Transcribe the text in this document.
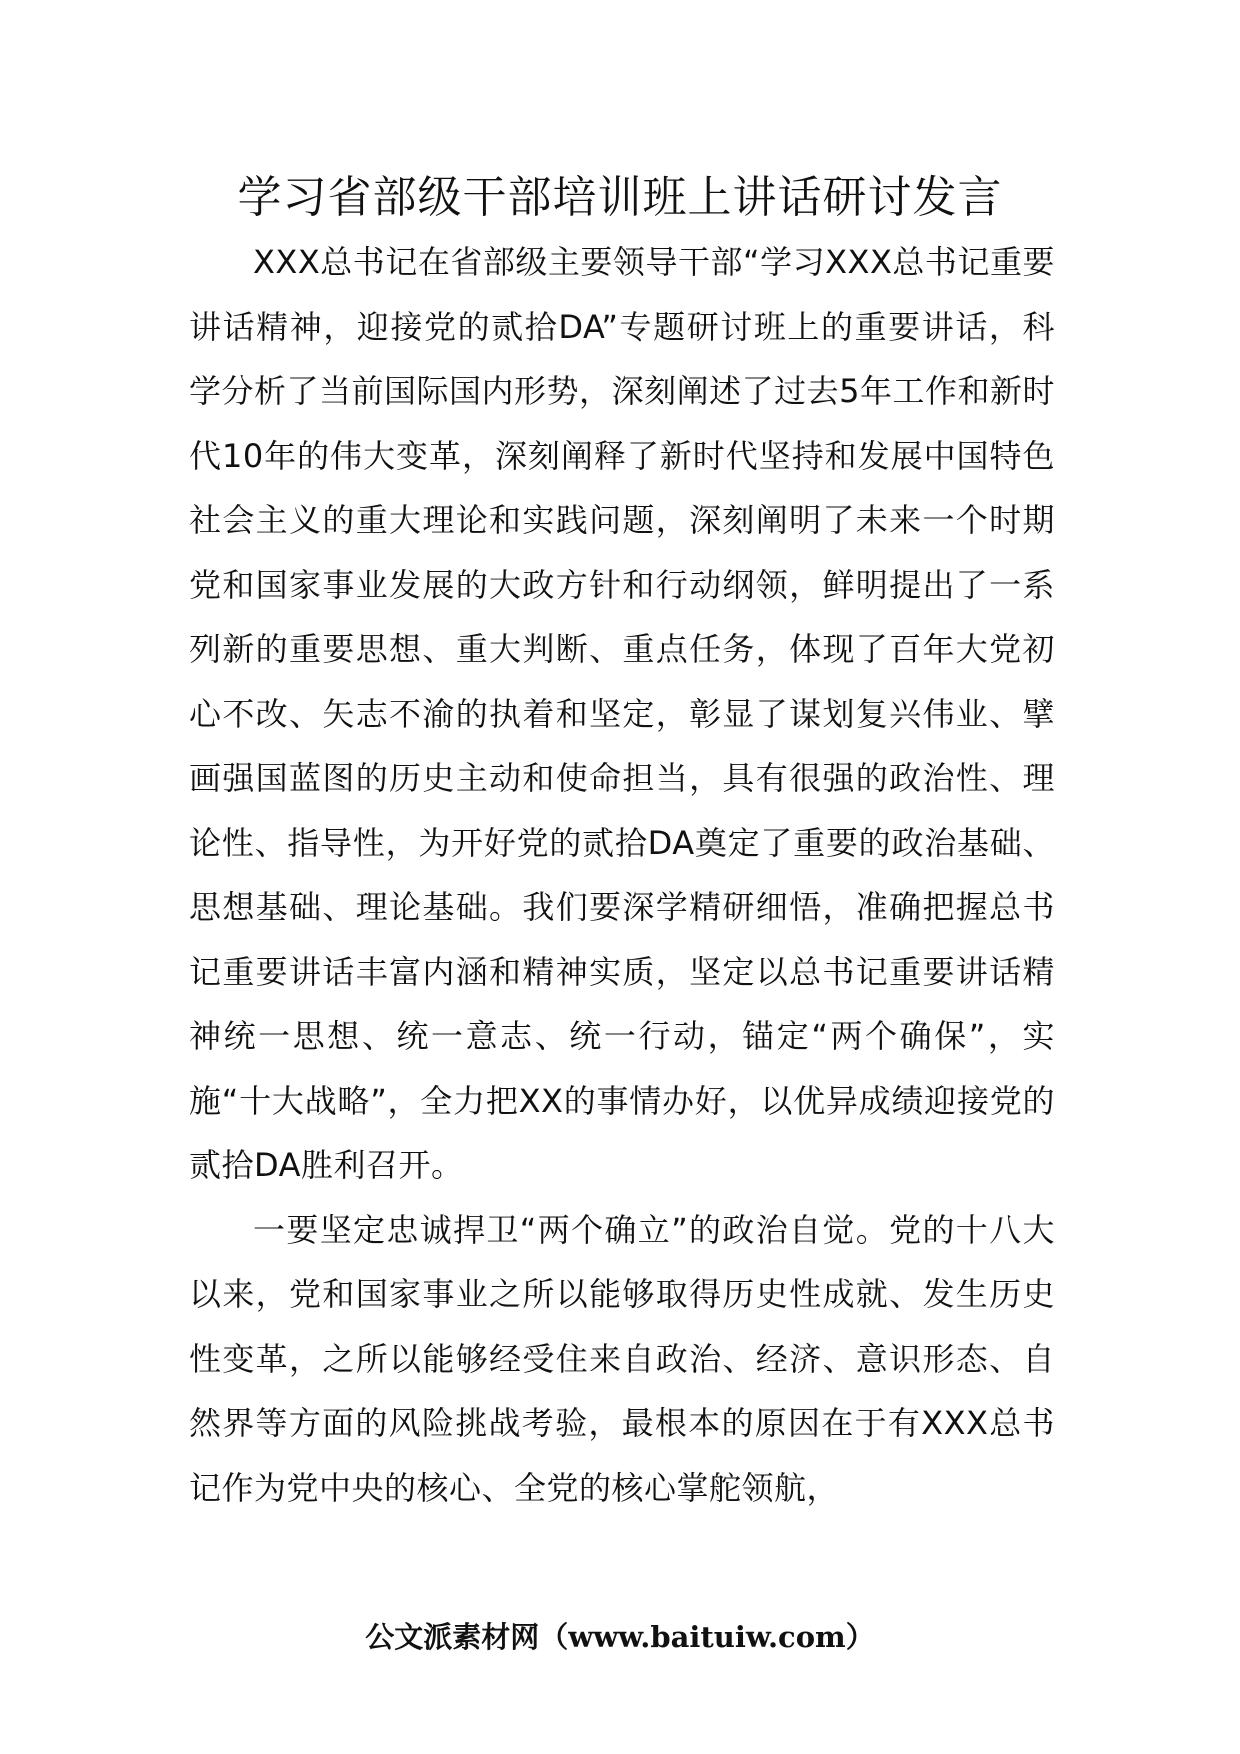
学习省部级干部培训班上讲话研讨发言

XXX总书记在省部级主要领导干部“学习XXX总书记重要讲话精神，迎接党的贰拾DA”专题研讨班上的重要讲话，科学分析了当前国际国内形势，深刻阐述了过去5年工作和新时代10年的伟大变革，深刻阐释了新时代坚持和发展中国特色社会主义的重大理论和实践问题，深刻阐明了未来一个时期党和国家事业发展的大政方针和行动纲领，鲜明提出了一系列新的重要思想、重大判断、重点任务，体现了百年大党初心不改、矢志不渝的执着和坚定，彰显了谋划复兴伟业、擘画强国蓝图的历史主动和使命担当，具有很强的政治性、理论性、指导性，为开好党的贰拾DA奠定了重要的政治基础、思想基础、理论基础。我们要深学精研细悟，准确把握总书记重要讲话丰富内涵和精神实质，坚定以总书记重要讲话精神统一思想、统一意志、统一行动，锚定“两个确保”，实施“十大战略”，全力把XX的事情办好，以优异成绩迎接党的贰拾DA胜利召开。

一要坚定忠诚捍卫“两个确立”的政治自觉。党的十八大以来，党和国家事业之所以能够取得历史性成就、发生历史性变革，之所以能够经受住来自政治、经济、意识形态、自然界等方面的风险挑战考验，最根本的原因在于有XXX总书记作为党中央的核心、全党的核心掌舵领航，

公文派素材网（www.baituiw.com）
